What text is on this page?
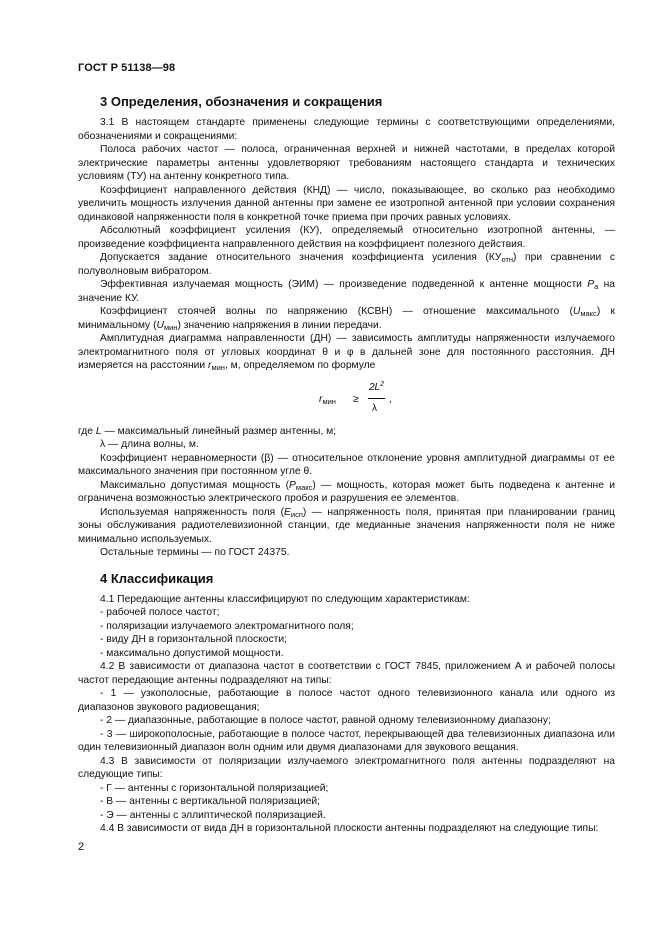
ГОСТ Р 51138—98
3 Определения, обозначения и сокращения

3.1 В настоящем стандарте применены следующие термины с соответствующими определениями, обозначениями и сокращениями:

Полоса рабочих частот — полоса, ограниченная верхней и нижней частотами, в пределах которой электрические параметры антенны удовлетворяют требованиям настоящего стандарта и технических условиям (ТУ) на антенну конкретного типа.

Коэффициент направленного действия (КНД) — число, показывающее, во сколько раз необходимо увеличить мощность излучения данной антенны при замене ее изотропной антенной при условии сохранения одинаковой напряженности поля в конкретной точке приема при прочих равных условиях.

Абсолютный коэффициент усиления (КУ), определяемый относительно изотропной антенны, — произведение коэффициента направленного действия на коэффициент полезного действия.

Допускается задание относительного значения коэффициента усиления $(КУ_{отн})$ при сравнении с полуволновым вибратором.

Эффективная излучаемая мощность (ЭИМ) — произведение подведенной к антенне мощности $P_а$ на значение КУ.

Коэффициент стоячей волны по напряжению (КСВН) — отношение максимального $(U_{макс})$ к минимальному $(U_{мин})$ значению напряжения в линии передачи.

Амплитудная диаграмма направленности (ДН) — зависимость амплитуды напряженности излучаемого электромагнитного поля от угловых координат θ и φ в дальней зоне для постоянного расстояния. ДН измеряется на расстоянии $r_{мин}$, м, определяемом по формуле

$r_{мин}$ ≥
$2L^2$
λ
,

где L — максимальный линейный размер антенны, м;

λ — длина волны, м.

Коэффициент неравномерности (β) — относительное отклонение уровня амплитудной диаграммы от ее максимального значения при постоянном угле θ.

Максимально допустимая мощность $(P_{макс})$ — мощность, которая может быть подведена к антенне и ограничена возможностью электрического пробоя и разрушения ее элементов.

Используемая напряженность поля $(E_{исп})$ — напряженность поля, принятая при планировании границ зоны обслуживания радиотелевизионной станции, где медианные значения напряженности поля не ниже минимально используемых.

Остальные термины — по ГОСТ 24375.

4 Классификация

4.1 Передающие антенны классифицируют по следующим характеристикам:

- рабочей полосе частот;

- поляризации излучаемого электромагнитного поля;

- виду ДН в горизонтальной плоскости;

- максимально допустимой мощности.

4.2 В зависимости от диапазона частот в соответствии с ГОСТ 7845, приложением А и рабочей полосы частот передающие антенны подразделяют на типы:

- 1 — узкополосные, работающие в полосе частот одного телевизионного канала или одного из диапазонов звукового радиовещания;

- 2 — диапазонные, работающие в полосе частот, равной одному телевизионному диапазону;

- 3 — широкополосные, работающие в полосе частот, перекрывающей два телевизионных диапазона или один телевизионный диапазон волн одним или двумя диапазонами для звукового вещания.

4.3 В зависимости от поляризации излучаемого электромагнитного поля антенны подразделяют на следующие типы:

- Г — антенны с горизонтальной поляризацией;

- В — антенны с вертикальной поляризацией;

- Э — антенны с эллиптической поляризацией.

4.4 В зависимости от вида ДН в горизонтальной плоскости антенны подразделяют на следующие типы:

2
